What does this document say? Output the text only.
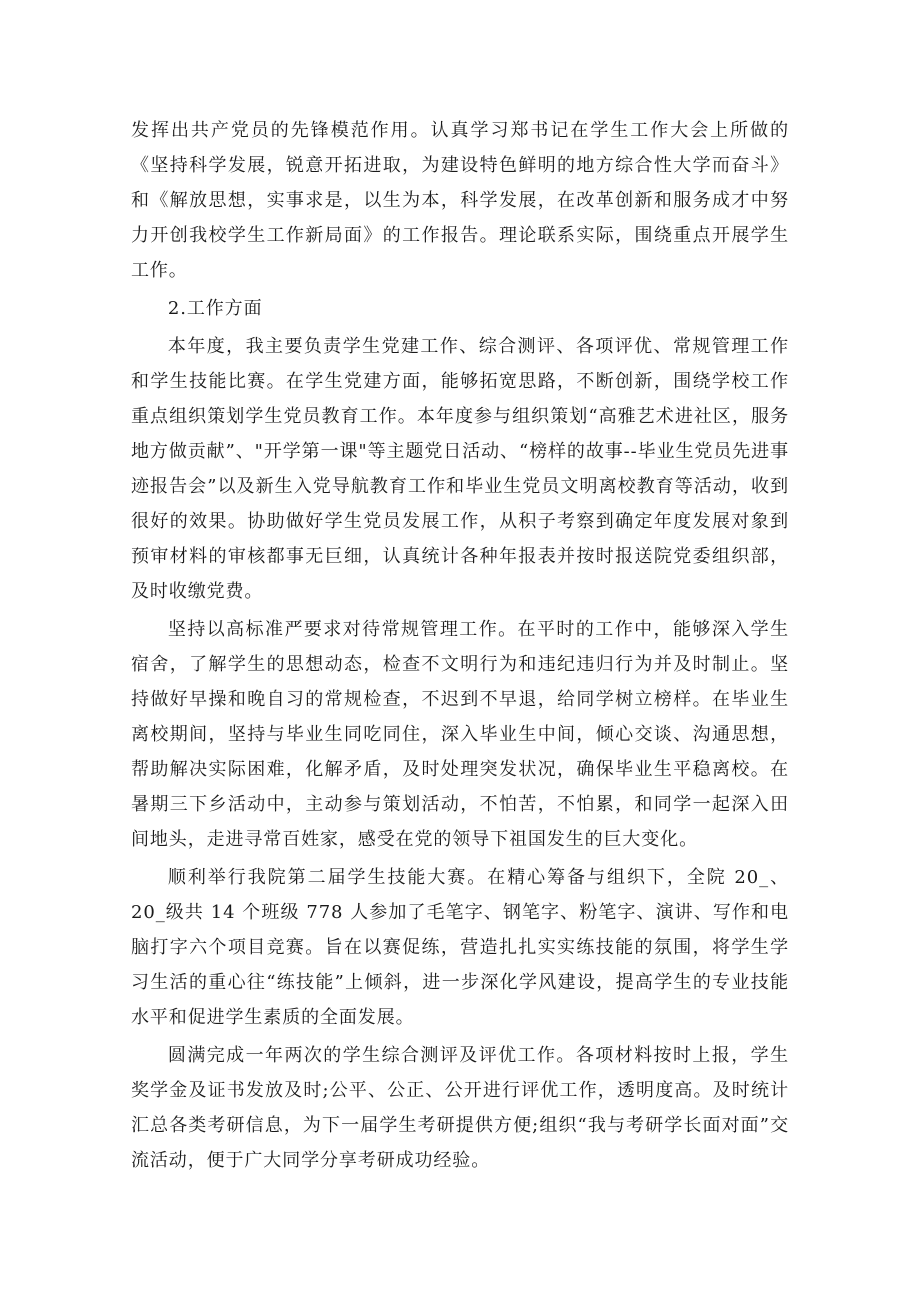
发挥出共产党员的先锋模范作用。认真学习郑书记在学生工作大会上所做的《坚持科学发展，锐意开拓进取，为建设特色鲜明的地方综合性大学而奋斗》和《解放思想，实事求是，以生为本，科学发展，在改革创新和服务成才中努力开创我校学生工作新局面》的工作报告。理论联系实际，围绕重点开展学生工作。

2.工作方面

本年度，我主要负责学生党建工作、综合测评、各项评优、常规管理工作和学生技能比赛。在学生党建方面，能够拓宽思路，不断创新，围绕学校工作重点组织策划学生党员教育工作。本年度参与组织策划“高雅艺术进社区，服务地方做贡献”、"开学第一课"等主题党日活动、“榜样的故事--毕业生党员先进事迹报告会”以及新生入党导航教育工作和毕业生党员文明离校教育等活动，收到很好的效果。协助做好学生党员发展工作，从积子考察到确定年度发展对象到预审材料的审核都事无巨细，认真统计各种年报表并按时报送院党委组织部，及时收缴党费。

坚持以高标准严要求对待常规管理工作。在平时的工作中，能够深入学生宿舍，了解学生的思想动态，检查不文明行为和违纪违归行为并及时制止。坚持做好早操和晚自习的常规检查，不迟到不早退，给同学树立榜样。在毕业生离校期间，坚持与毕业生同吃同住，深入毕业生中间，倾心交谈、沟通思想，帮助解决实际困难，化解矛盾，及时处理突发状况，确保毕业生平稳离校。在暑期三下乡活动中，主动参与策划活动，不怕苦，不怕累，和同学一起深入田间地头，走进寻常百姓家，感受在党的领导下祖国发生的巨大变化。

顺利举行我院第二届学生技能大赛。在精心筹备与组织下，全院 20_、20_级共 14 个班级 778 人参加了毛笔字、钢笔字、粉笔字、演讲、写作和电脑打字六个项目竞赛。旨在以赛促练，营造扎扎实实练技能的氛围，将学生学习生活的重心往“练技能”上倾斜，进一步深化学风建设，提高学生的专业技能水平和促进学生素质的全面发展。

圆满完成一年两次的学生综合测评及评优工作。各项材料按时上报，学生奖学金及证书发放及时;公平、公正、公开进行评优工作，透明度高。及时统计汇总各类考研信息，为下一届学生考研提供方便;组织“我与考研学长面对面”交流活动，便于广大同学分享考研成功经验。
